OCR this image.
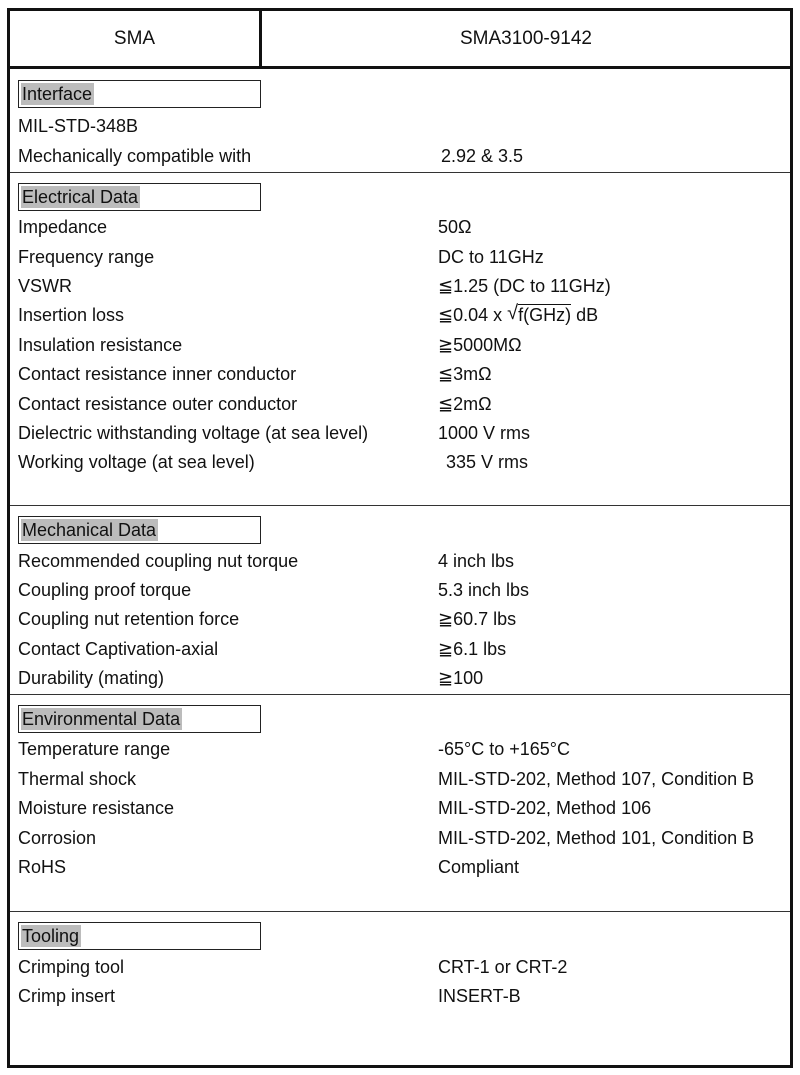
SMA	SMA3100-9142
Interface
MIL-STD-348B
Mechanically compatible with	2.92 & 3.5
Electrical Data
Impedance	50Ω
Frequency range	DC to 11GHz
VSWR	≦1.25 (DC to 11GHz)
Insertion loss	≦0.04 x √ f(GHz) dB
Insulation resistance	≧5000MΩ
Contact resistance inner conductor	≦3mΩ
Contact resistance outer conductor	≦2mΩ
Dielectric withstanding voltage (at sea level)	1000 V rms
Working voltage (at sea level)	335 V rms
Mechanical Data
Recommended coupling nut torque	4 inch lbs
Coupling proof torque	5.3 inch lbs
Coupling nut retention force	≧60.7 lbs
Contact Captivation-axial	≧6.1 lbs
Durability (mating)	≧100
Environmental Data
Temperature range	-65°C to +165°C
Thermal shock	MIL-STD-202, Method 107, Condition B
Moisture resistance	MIL-STD-202, Method 106
Corrosion	MIL-STD-202, Method 101, Condition B
RoHS	Compliant
Tooling
Crimping tool	CRT-1 or CRT-2
Crimp insert	INSERT-B
